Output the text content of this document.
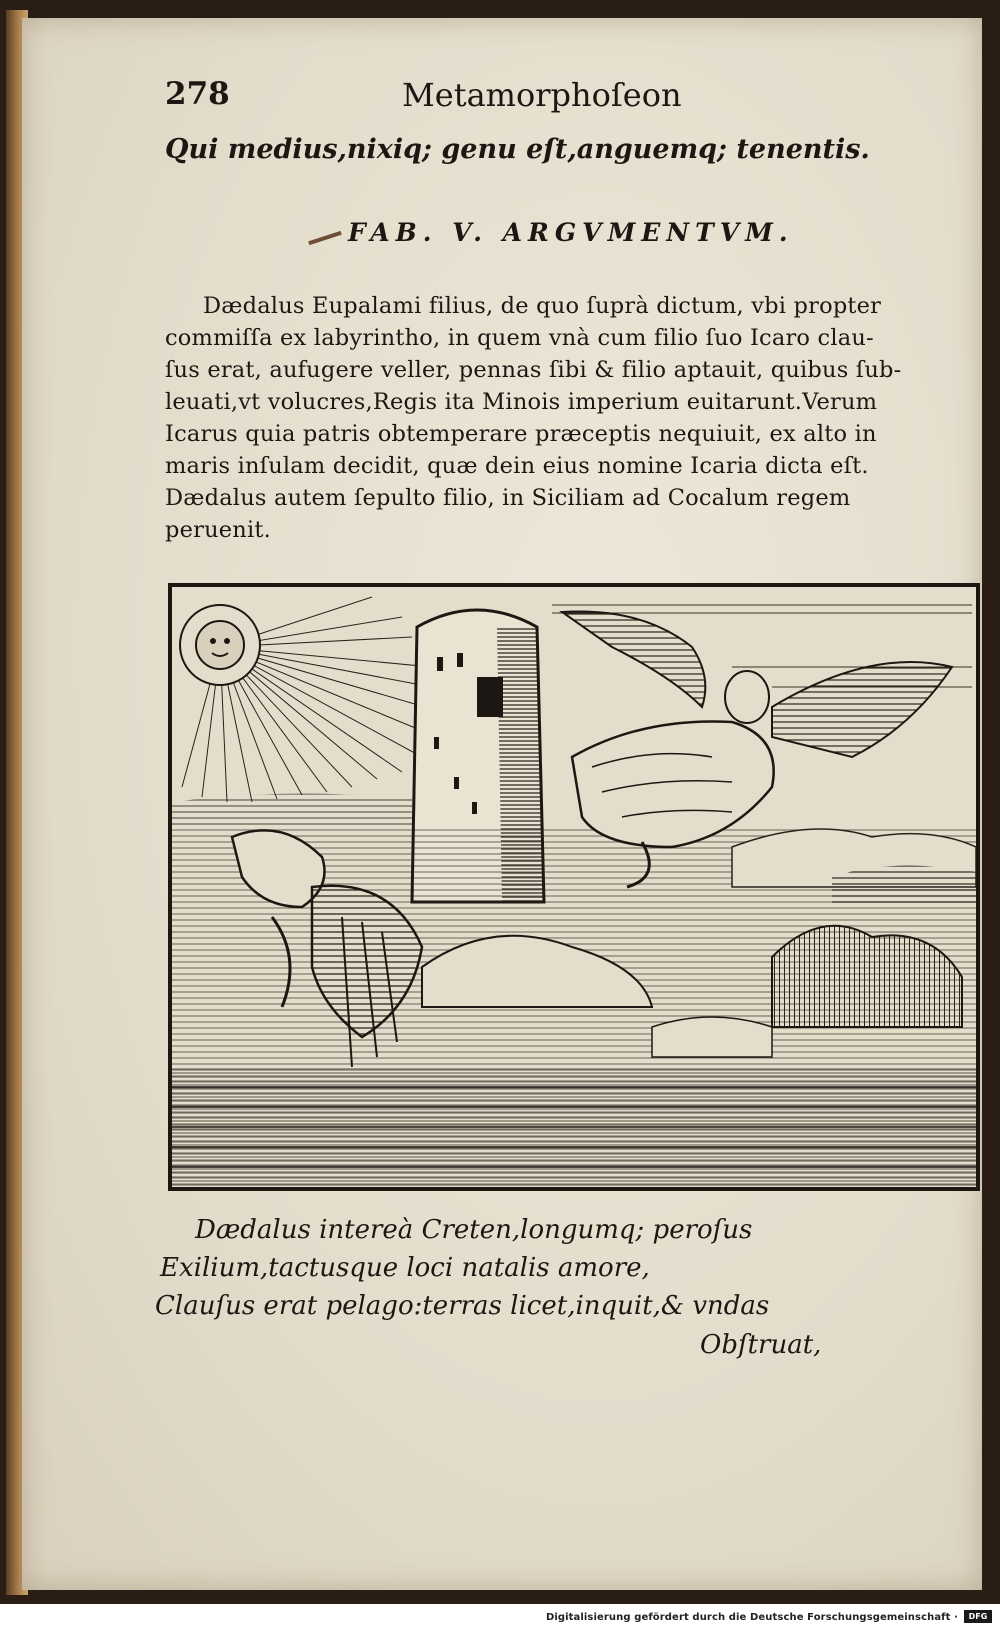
278	Metamorphoſeon
Qui medius,nixiq; genu eſt,anguemq; tenentis.
FAB. V. ARGVMENTVM.
Dædalus Eupalami filius, de quo ſuprà dictum, vbi propter
commiſſa ex labyrintho, in quem vnà cum filio ſuo Icaro clau-
ſus erat, aufugere veller, pennas ſibi & filio aptauit, quibus ſub-
leuati,vt volucres,Regis ita Minois imperium euitarunt.Verum
Icarus quia patris obtemperare præceptis nequiuit, ex alto in
maris inſulam decidit, quæ dein eius nomine Icaria dicta eſt.
Dædalus autem ſepulto filio, in Siciliam ad Cocalum regem
peruenit.
Dædalus intereà Creten,longumq; peroſus
Exilium,tactusque loci natalis amore,
Clauſus erat pelago:terras licet,inquit,& vndas
Obſtruat,
Digitalisierung gefördert durch die Deutsche Forschungsgemeinschaft ·	DFG
